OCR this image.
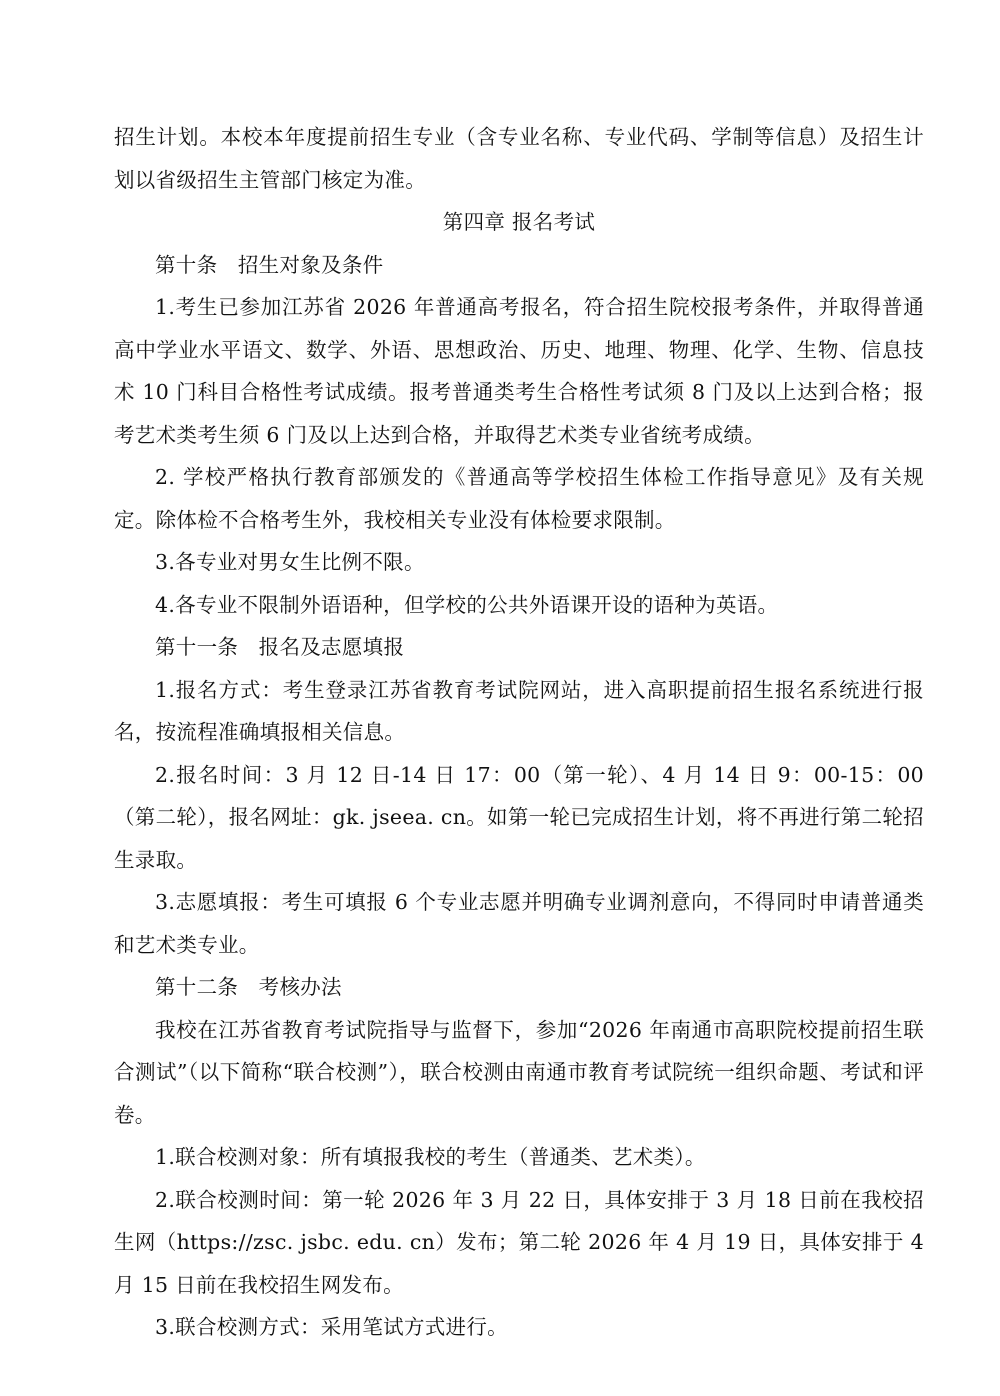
招生计划。本校本年度提前招生专业（含专业名称、专业代码、学制等信息）及招生计划以省级招生主管部门核定为准。

第四章 报名考试

第十条   招生对象及条件

1.考生已参加江苏省 2026 年普通高考报名，符合招生院校报考条件，并取得普通高中学业水平语文、数学、外语、思想政治、历史、地理、物理、化学、生物、信息技术 10 门科目合格性考试成绩。报考普通类考生合格性考试须 8 门及以上达到合格；报考艺术类考生须 6 门及以上达到合格，并取得艺术类专业省统考成绩。

2. 学校严格执行教育部颁发的《普通高等学校招生体检工作指导意见》及有关规定。除体检不合格考生外，我校相关专业没有体检要求限制。

3.各专业对男女生比例不限。

4.各专业不限制外语语种，但学校的公共外语课开设的语种为英语。

第十一条   报名及志愿填报

1.报名方式：考生登录江苏省教育考试院网站，进入高职提前招生报名系统进行报名，按流程准确填报相关信息。

2.报名时间：3 月 12 日-14 日 17：00（第一轮）、4 月 14 日 9：00-15：00（第二轮），报名网址：gk. jseea. cn。如第一轮已完成招生计划，将不再进行第二轮招生录取。

3.志愿填报：考生可填报 6 个专业志愿并明确专业调剂意向，不得同时申请普通类和艺术类专业。

第十二条   考核办法

我校在江苏省教育考试院指导与监督下，参加“2026 年南通市高职院校提前招生联合测试”（以下简称“联合校测”），联合校测由南通市教育考试院统一组织命题、考试和评卷。

1.联合校测对象：所有填报我校的考生（普通类、艺术类）。

2.联合校测时间：第一轮 2026 年 3 月 22 日，具体安排于 3 月 18 日前在我校招生网（https://zsc. jsbc. edu. cn）发布；第二轮 2026 年 4 月 19 日，具体安排于 4 月 15 日前在我校招生网发布。

3.联合校测方式：采用笔试方式进行。
